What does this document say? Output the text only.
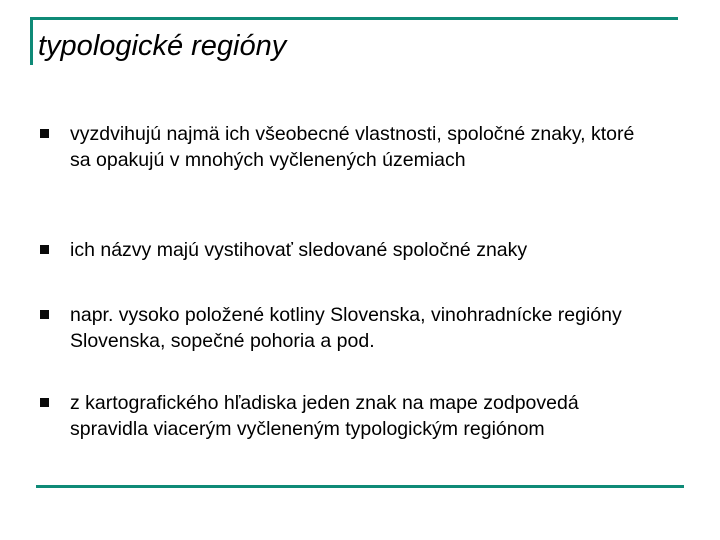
typologické regióny
vyzdvihujú najmä ich všeobecné vlastnosti, spoločné znaky, ktoré sa opakujú v mnohých vyčlenených územiach
ich názvy majú vystihovať sledované spoločné znaky
napr. vysoko položené kotliny Slovenska, vinohradnícke regióny Slovenska, sopečné pohoria a pod.
z kartografického hľadiska jeden znak na mape zodpovedá spravidla viacerým vyčleneným typologickým regiónom
